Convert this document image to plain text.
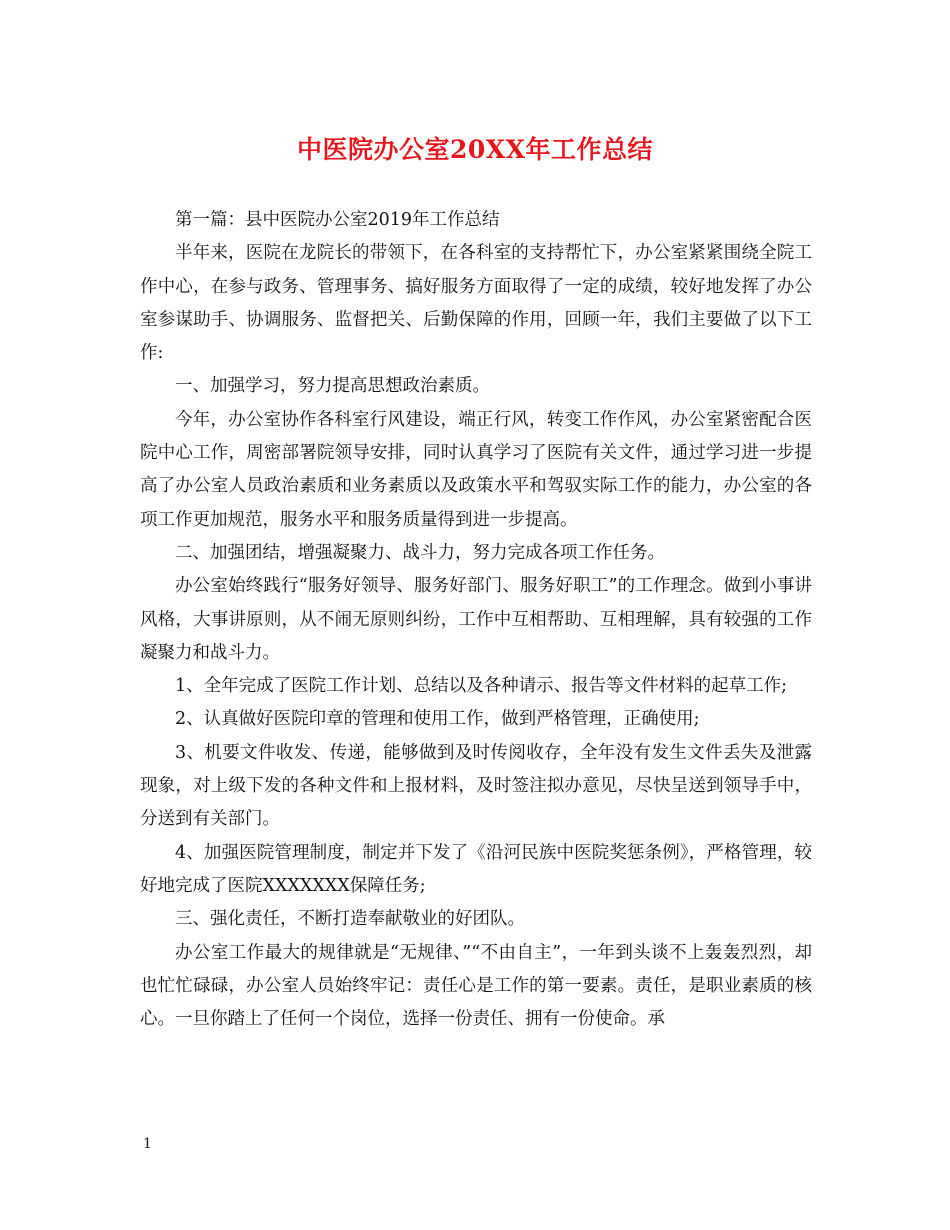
中医院办公室20XX年工作总结

第一篇：县中医院办公室2019年工作总结

半年来，医院在龙院长的带领下，在各科室的支持帮忙下，办公室紧紧围绕全院工作中心，在参与政务、管理事务、搞好服务方面取得了一定的成绩，较好地发挥了办公室参谋助手、协调服务、监督把关、后勤保障的作用，回顾一年，我们主要做了以下工作:

一、加强学习，努力提高思想政治素质。

今年，办公室协作各科室行风建设，端正行风，转变工作作风，办公室紧密配合医院中心工作，周密部署院领导安排，同时认真学习了医院有关文件，通过学习进一步提高了办公室人员政治素质和业务素质以及政策水平和驾驭实际工作的能力，办公室的各项工作更加规范，服务水平和服务质量得到进一步提高。

二、加强团结，增强凝聚力、战斗力，努力完成各项工作任务。

办公室始终践行“服务好领导、服务好部门、服务好职工”的工作理念。做到小事讲风格，大事讲原则，从不闹无原则纠纷，工作中互相帮助、互相理解，具有较强的工作凝聚力和战斗力。

1、全年完成了医院工作计划、总结以及各种请示、报告等文件材料的起草工作;

2、认真做好医院印章的管理和使用工作，做到严格管理，正确使用;

3、机要文件收发、传递，能够做到及时传阅收存，全年没有发生文件丢失及泄露现象，对上级下发的各种文件和上报材料，及时签注拟办意见，尽快呈送到领导手中，分送到有关部门。

4、加强医院管理制度，制定并下发了《沿河民族中医院奖惩条例》，严格管理，较好地完成了医院XXXXXXX保障任务;

三、强化责任，不断打造奉献敬业的好团队。

办公室工作最大的规律就是“无规律、”“不由自主”，一年到头谈不上轰轰烈烈，却也忙忙碌碌，办公室人员始终牢记：责任心是工作的第一要素。责任，是职业素质的核心。一旦你踏上了任何一个岗位，选择一份责任、拥有一份使命。承

1
